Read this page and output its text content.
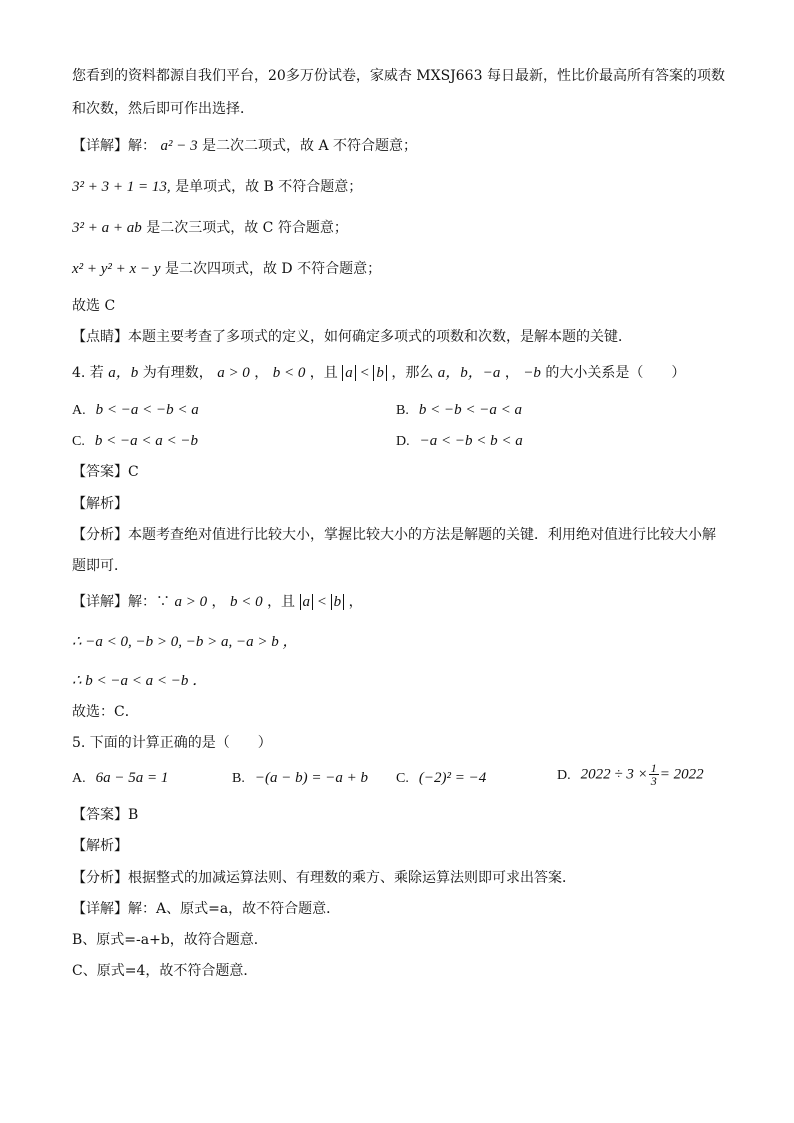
您看到的资料都源自我们平台，20多万份试卷，家威杏 MXSJ663 每日最新，性比价最高所有答案的项数
和次数，然后即可作出选择．
【详解】解： a² − 3 是二次二项式，故 A 不符合题意；
3² + 3 + 1 = 13, 是单项式，故 B 不符合题意；
3² + a + ab 是二次三项式，故 C 符合题意；
x² + y² + x − y 是二次四项式，故 D 不符合题意；
故选 C
【点睛】本题主要考查了多项式的定义，如何确定多项式的项数和次数，是解本题的关键．
4. 若 a，b 为有理数， a > 0 ， b < 0 ，且 a < b ，那么 a，b，−a ， −b 的大小关系是（　　）
A. b < −a < −b < a	B. b < −b < −a < a
C. b < −a < a < −b	D. −a < −b < b < a
【答案】C
【解析】
【分析】本题考查绝对值进行比较大小，掌握比较大小的方法是解题的关键．利用绝对值进行比较大小解
题即可．
【详解】解：∵ a > 0 ， b < 0 ，且 a < b ，
∴ −a < 0, −b > 0, −b > a, −a > b ，
∴ b < −a < a < −b ．
故选：C．
5. 下面的计算正确的是（　　）
A. 6a − 5a = 1	B. −(a − b) = −a + b C. (−2)² = −4	D. $2022 \div 3 \times \frac{1}{3} = 2022$
【答案】B
【解析】
【分析】根据整式的加减运算法则、有理数的乘方、乘除运算法则即可求出答案．
【详解】解：A、原式=a，故不符合题意．
B、原式=-a+b，故符合题意．
C、原式=4，故不符合题意．
